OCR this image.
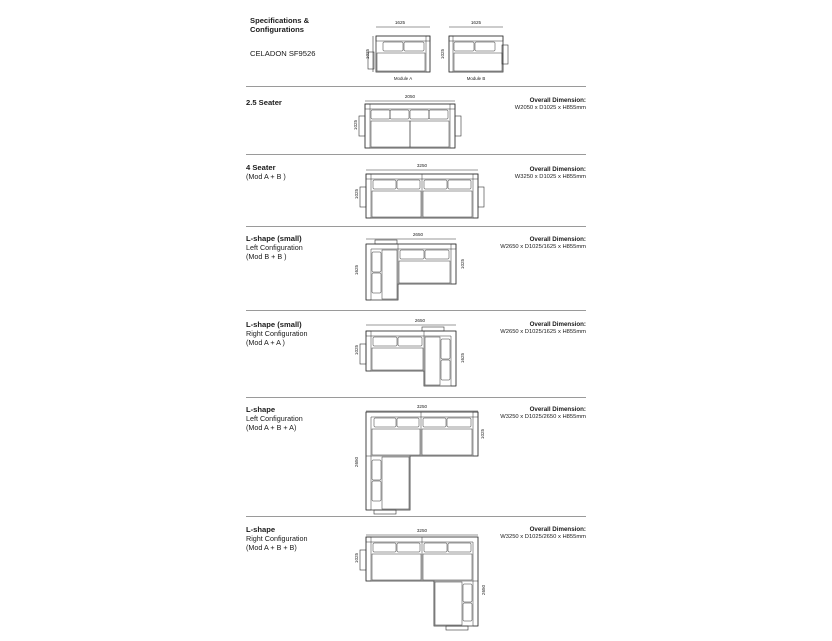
Specifications &
Configurations
CELADON SF9526
1625
1025
Module A
1625
1025
Module B
2.5 Seater	Overall Dimension:
W2050 x D1025 x H855mm
2050
1025
4 Seater
(Mod A + B )
Overall Dimension:
W3250 x D1025 x H855mm
3250
1025
L-shape (small)
Left Configuration
(Mod B + B )
Overall Dimension:
W2650 x D1025/1625 x H855mm
2650
1625
1025
L-shape (small)
Right Configuration
(Mod A + A )
Overall Dimension:
W2650 x D1025/1625 x H855mm
2650
1025
1625
L-shape
Left Configuration
(Mod A + B + A)
Overall Dimension:
W3250 x D1025/2650 x H855mm
3250
2650
1025
L-shape
Right Configuration
(Mod A + B + B)
Overall Dimension:
W3250 x D1025/2650 x H855mm
3250
1025
2650
